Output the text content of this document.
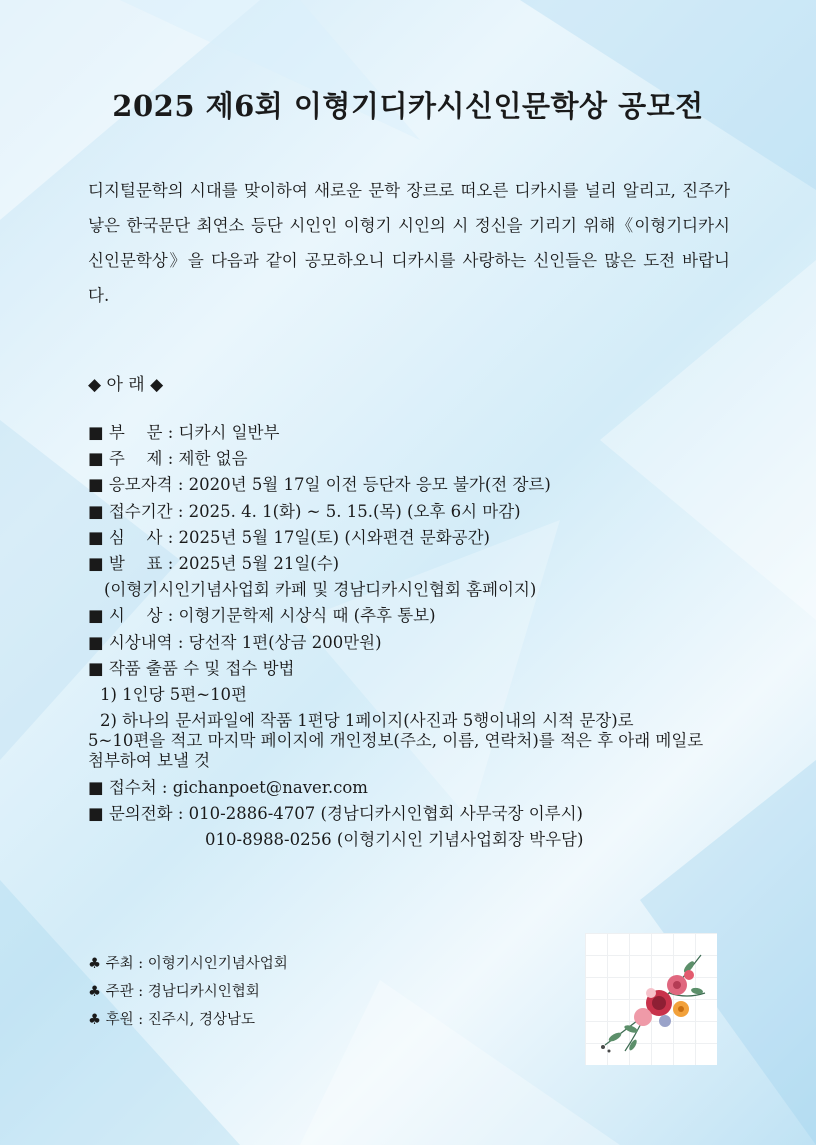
2025 제6회 이형기디카시신인문학상 공모전

디지털문학의 시대를 맞이하여 새로운 문학 장르로 떠오른 디카시를 널리 알리고, 진주가 낳은 한국문단 최연소 등단 시인인 이형기 시인의 시 정신을 기리기 위해《이형기디카시신인문학상》을 다음과 같이 공모하오니 디카시를 사랑하는 신인들은 많은 도전 바랍니다.

◆ 아 래 ◆
■ 부　 문 : 디카시 일반부
■ 주　 제 : 제한 없음
■ 응모자격 : 2020년 5월 17일 이전 등단자 응모 불가(전 장르)
■ 접수기간 : 2025. 4. 1(화) ~ 5. 15.(목) (오후 6시 마감)
■ 심　 사 : 2025년 5월 17일(토) (시와편견 문화공간)
■ 발　 표 : 2025년 5월 21일(수)
(이형기시인기념사업회 카페 및 경남디카시인협회 홈페이지)
■ 시　 상 : 이형기문학제 시상식 때 (추후 통보)
■ 시상내역 : 당선작 1편(상금 200만원)
■ 작품 출품 수 및 접수 방법
1) 1인당 5편~10편
2) 하나의 문서파일에 작품 1편당 1페이지(사진과 5행이내의 시적 문장)로
5~10편을 적고 마지막 페이지에 개인정보(주소, 이름, 연락처)를 적은 후 아래 메일로 첨부하여 보낼 것
■ 접수처 : gichanpoet@naver.com
■ 문의전화 : 010-2886-4707 (경남디카시인협회 사무국장 이루시)
010-8988-0256 (이형기시인 기념사업회장 박우담)
♣ 주최 : 이형기시인기념사업회
♣ 주관 : 경남디카시인협회
♣ 후원 : 진주시, 경상남도
